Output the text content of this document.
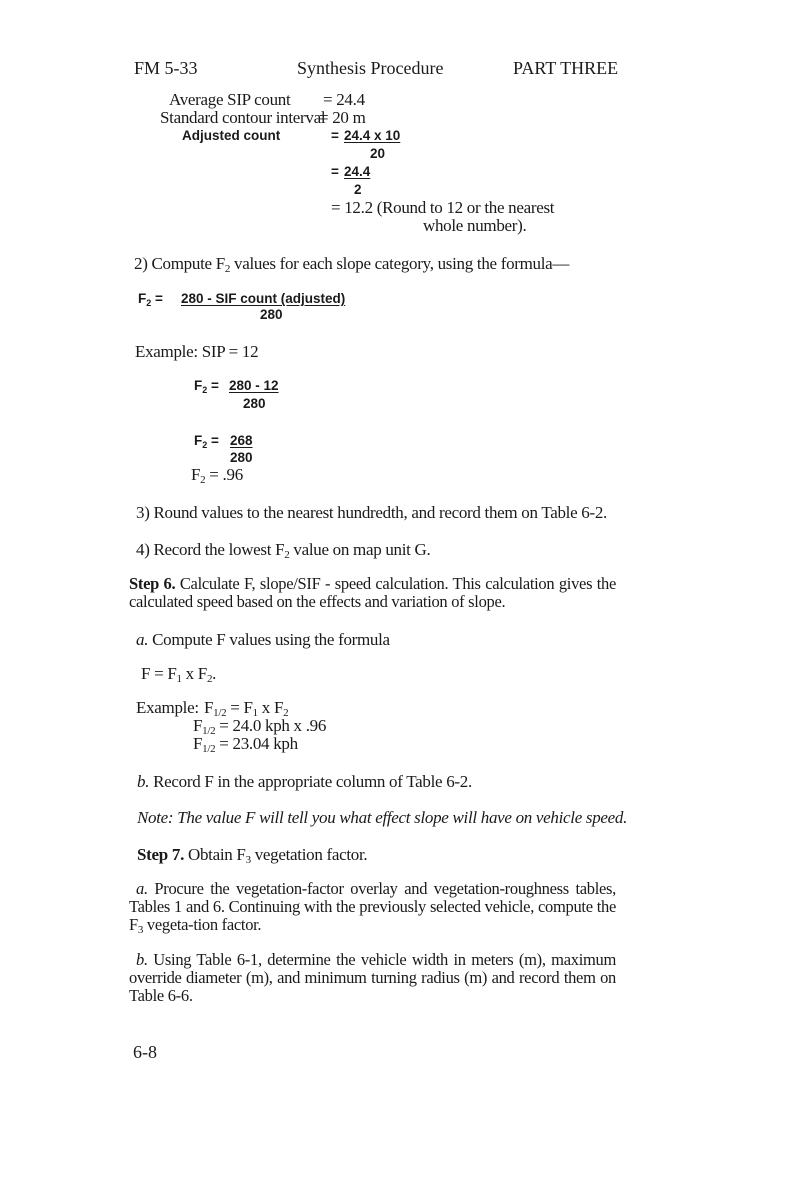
FM 5-33	Synthesis Procedure	PART THREE
Average SIP count = 24.4
Standard contour interval
= 20 m
Adjusted count	= 24.4 x 10
20
= 24.4
2
= 12.2 (Round to 12 or the nearest
whole number).
2) Compute F2 values for each slope category, using the formula—
$F_2 = 280$ - SIF count (adjusted)
280
Example: SIP = 12
$F_2 = 280 - 12$
280
$F_2 = 268$
280
F2 = .96
3) Round values to the nearest hundredth, and record them on Table 6-2.
4) Record the lowest F2 value on map unit G.
Step 6. Calculate F, slope/SIF - speed calculation. This calculation gives the calculated speed based on the effects and variation of slope.
a. Compute F values using the formula
F = F1 x F2.
Example: F1/2 = F1 x F2
F1/2 = 24.0 kph x .96
F1/2 = 23.04 kph
b. Record F in the appropriate column of Table 6-2.
Note: The value F will tell you what effect slope will have on vehicle speed.
Step 7. Obtain F3 vegetation factor.
a. Procure the vegetation-factor overlay and vegetation-roughness tables, Tables 1 and 6. Continuing with the previously selected vehicle, compute the F3 vegeta-tion factor.
b. Using Table 6-1, determine the vehicle width in meters (m), maximum override diameter (m), and minimum turning radius (m) and record them on Table 6-6.
6-8
